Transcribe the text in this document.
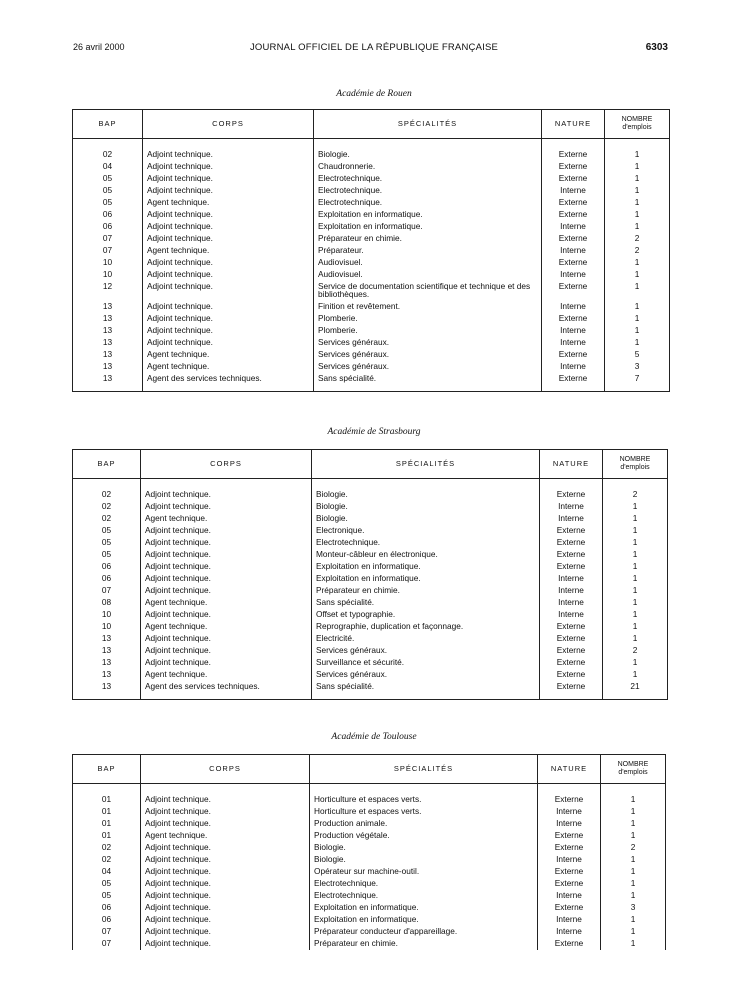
26 avril 2000	JOURNAL OFFICIEL DE LA RÉPUBLIQUE FRANÇAISE	6303
Académie de Rouen
BAP	CORPS	SPÉCIALITÉS	NATURE	NOMBRE
d'emplois

02	Adjoint technique.	Biologie.	Externe	1
04	Adjoint technique.	Chaudronnerie.	Externe	1
05	Adjoint technique.	Electrotechnique.	Externe	1
05	Adjoint technique.	Electrotechnique.	Interne	1
05	Agent technique.	Electrotechnique.	Externe	1
06	Adjoint technique.	Exploitation en informatique.	Externe	1
06	Adjoint technique.	Exploitation en informatique.	Interne	1
07	Adjoint technique.	Préparateur en chimie.	Externe	2
07	Agent technique.	Préparateur.	Interne	2
10	Adjoint technique.	Audiovisuel.	Externe	1
10	Adjoint technique.	Audiovisuel.	Interne	1
12	Adjoint technique.	Service de documentation scientifique et technique et des bibliothèques.	Externe	1
13	Adjoint technique.	Finition et revêtement.	Interne	1
13	Adjoint technique.	Plomberie.	Externe	1
13	Adjoint technique.	Plomberie.	Interne	1
13	Adjoint technique.	Services généraux.	Interne	1
13	Agent technique.	Services généraux.	Externe	5
13	Agent technique.	Services généraux.	Interne	3
13	Agent des services techniques.	Sans spécialité.	Externe	7

Académie de Strasbourg
BAP	CORPS	SPÉCIALITÉS	NATURE	NOMBRE
d'emplois

02	Adjoint technique.	Biologie.	Externe	2
02	Adjoint technique.	Biologie.	Interne	1
02	Agent technique.	Biologie.	Interne	1
05	Adjoint technique.	Electronique.	Externe	1
05	Adjoint technique.	Electrotechnique.	Externe	1
05	Adjoint technique.	Monteur-câbleur en électronique.	Externe	1
06	Adjoint technique.	Exploitation en informatique.	Externe	1
06	Adjoint technique.	Exploitation en informatique.	Interne	1
07	Adjoint technique.	Préparateur en chimie.	Interne	1
08	Agent technique.	Sans spécialité.	Interne	1
10	Adjoint technique.	Offset et typographie.	Interne	1
10	Agent technique.	Reprographie, duplication et façonnage.	Externe	1
13	Adjoint technique.	Electricité.	Externe	1
13	Adjoint technique.	Services généraux.	Externe	2
13	Adjoint technique.	Surveillance et sécurité.	Externe	1
13	Agent technique.	Services généraux.	Externe	1
13	Agent des services techniques.	Sans spécialité.	Externe	21

Académie de Toulouse
BAP	CORPS	SPÉCIALITÉS	NATURE	NOMBRE
d'emplois

01	Adjoint technique.	Horticulture et espaces verts.	Externe	1
01	Adjoint technique.	Horticulture et espaces verts.	Interne	1
01	Adjoint technique.	Production animale.	Interne	1
01	Agent technique.	Production végétale.	Externe	1
02	Adjoint technique.	Biologie.	Externe	2
02	Adjoint technique.	Biologie.	Interne	1
04	Adjoint technique.	Opérateur sur machine-outil.	Externe	1
05	Adjoint technique.	Electrotechnique.	Externe	1
05	Adjoint technique.	Electrotechnique.	Interne	1
06	Adjoint technique.	Exploitation en informatique.	Externe	3
06	Adjoint technique.	Exploitation en informatique.	Interne	1
07	Adjoint technique.	Préparateur conducteur d'appareillage.	Interne	1
07	Adjoint technique.	Préparateur en chimie.	Externe	1
